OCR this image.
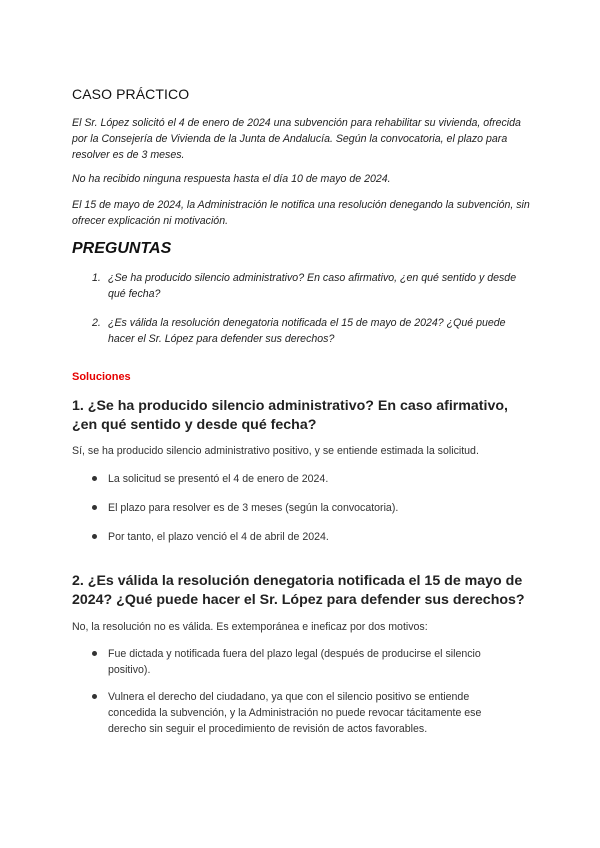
CASO PRÁCTICO

El Sr. López solicitó el 4 de enero de 2024 una subvención para rehabilitar su vivienda, ofrecida por la Consejería de Vivienda de la Junta de Andalucía. Según la convocatoria, el plazo para resolver es de 3 meses.

No ha recibido ninguna respuesta hasta el día 10 de mayo de 2024.

El 15 de mayo de 2024, la Administración le notifica una resolución denegando la subvención, sin ofrecer explicación ni motivación.

PREGUNTAS
1. ¿Se ha producido silencio administrativo? En caso afirmativo, ¿en qué sentido y desde qué fecha?
2. ¿Es válida la resolución denegatoria notificada el 15 de mayo de 2024? ¿Qué puede hacer el Sr. López para defender sus derechos?
Soluciones
1. ¿Se ha producido silencio administrativo? En caso afirmativo, ¿en qué sentido y desde qué fecha?

Sí, se ha producido silencio administrativo positivo, y se entiende estimada la solicitud.

La solicitud se presentó el 4 de enero de 2024.
El plazo para resolver es de 3 meses (según la convocatoria).
Por tanto, el plazo venció el 4 de abril de 2024.
2. ¿Es válida la resolución denegatoria notificada el 15 de mayo de 2024? ¿Qué puede hacer el Sr. López para defender sus derechos?

No, la resolución no es válida. Es extemporánea e ineficaz por dos motivos:

Fue dictada y notificada fuera del plazo legal (después de producirse el silencio positivo).
Vulnera el derecho del ciudadano, ya que con el silencio positivo se entiende concedida la subvención, y la Administración no puede revocar tácitamente ese derecho sin seguir el procedimiento de revisión de actos favorables.
